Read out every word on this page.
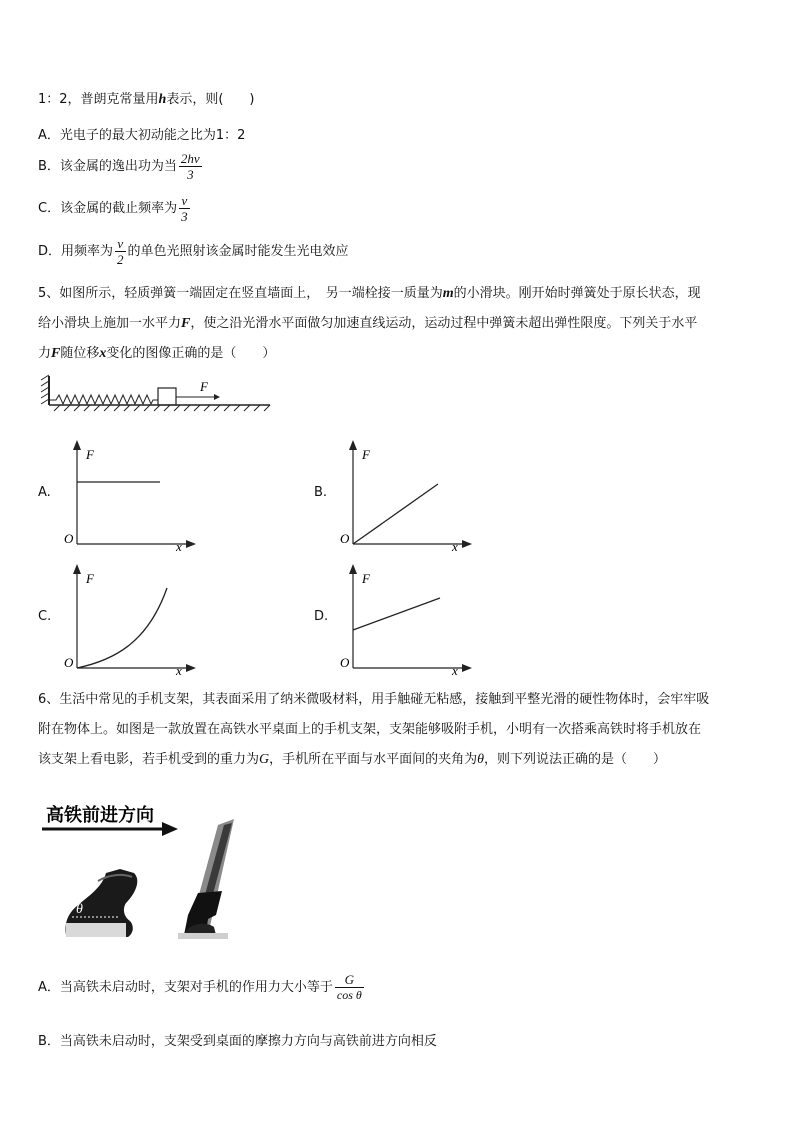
1：2，普朗克常量用h表示，则(　　)
A．光电子的最大初动能之比为1：2
B．该金属的逸出功为当 $\frac{2h\nu}{3}$
C．该金属的截止频率为 $\frac{\nu}{3}$
D．用频率为 $\frac{\nu}{2}$ 的单色光照射该金属时能发生光电效应
5、如图所示，轻质弹簧一端固定在竖直墙面上，　另一端栓接一质量为m的小滑块。刚开始时弹簧处于原长状态，现
给小滑块上施加一水平力F，使之沿光滑水平面做匀加速直线运动，运动过程中弹簧未超出弹性限度。下列关于水平
力F随位移x变化的图像正确的是（　　）
F
A.
F
x
O
B.
F
x
O
C.
F
x
O
D.
F
x
O
6、生活中常见的手机支架，其表面采用了纳米微吸材料，用手触碰无粘感，接触到平整光滑的硬性物体时，会牢牢吸
附在物体上。如图是一款放置在高铁水平桌面上的手机支架，支架能够吸附手机，小明有一次搭乘高铁时将手机放在
该支架上看电影，若手机受到的重力为G，手机所在平面与水平面间的夹角为θ，则下列说法正确的是（　　）
高铁前进方向
θ
A．当高铁未启动时，支架对手机的作用力大小等于 $\frac{G}{\text{cos θ}}$
B．当高铁未启动时，支架受到桌面的摩擦力方向与高铁前进方向相反
